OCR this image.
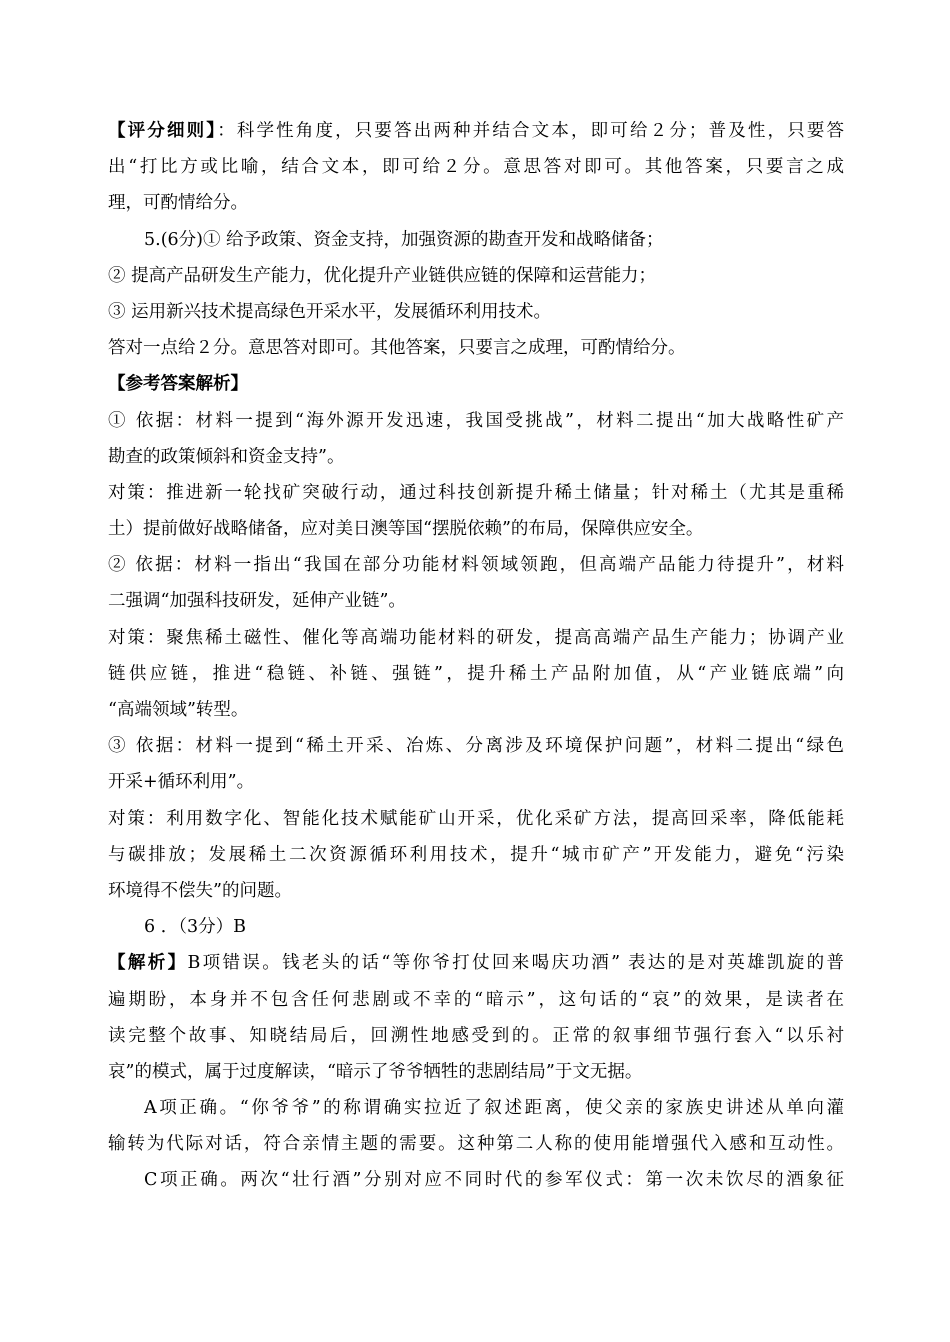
【评分细则】：科学性角度，只要答出两种并结合文本，即可给２分；普及性，只要答
出“打比方或比喻，结合文本，即可给２分。意思答对即可。其他答案，只要言之成
理，可酌情给分。
5.(6分)① 给予政策、资金支持，加强资源的勘查开发和战略储备；
② 提高产品研发生产能力，优化提升产业链供应链的保障和运营能力；
③ 运用新兴技术提高绿色开采水平，发展循环利用技术。
答对一点给２分。意思答对即可。其他答案，只要言之成理，可酌情给分。
【参考答案解析】
① 依据：材料一提到“海外源开发迅速，我国受挑战”，材料二提出“加大战略性矿产
勘查的政策倾斜和资金支持”。
对策：推进新一轮找矿突破行动，通过科技创新提升稀土储量；针对稀土（尤其是重稀
土）提前做好战略储备，应对美日澳等国“摆脱依赖”的布局，保障供应安全。
② 依据：材料一指出“我国在部分功能材料领域领跑，但高端产品能力待提升”，材料
二强调“加强科技研发，延伸产业链”。
对策：聚焦稀土磁性、催化等高端功能材料的研发，提高高端产品生产能力；协调产业
链供应链，推进“稳链、补链、强链”，提升稀土产品附加值，从“产业链底端”向
“高端领域”转型。
③ 依据：材料一提到“稀土开采、冶炼、分离涉及环境保护问题”，材料二提出“绿色
开采+循环利用”。
对策：利用数字化、智能化技术赋能矿山开采，优化采矿方法，提高回采率，降低能耗
与碳排放；发展稀土二次资源循环利用技术，提升“城市矿产”开发能力，避免“污染
环境得不偿失”的问题。
6 ．（3分）B
【解析】B项错误。钱老头的话“等你爷打仗回来喝庆功酒” 表达的是对英雄凯旋的普
遍期盼，本身并不包含任何悲剧或不幸的“暗示”，这句话的“哀”的效果，是读者在
读完整个故事、知晓结局后，回溯性地感受到的。正常的叙事细节强行套入“以乐衬
哀”的模式，属于过度解读，“暗示了爷爷牺牲的悲剧结局”于文无据。
A项正确。“你爷爷”的称谓确实拉近了叙述距离，使父亲的家族史讲述从单向灌
输转为代际对话，符合亲情主题的需要。这种第二人称的使用能增强代入感和互动性。
C项正确。两次“壮行酒”分别对应不同时代的参军仪式：第一次未饮尽的酒象征
